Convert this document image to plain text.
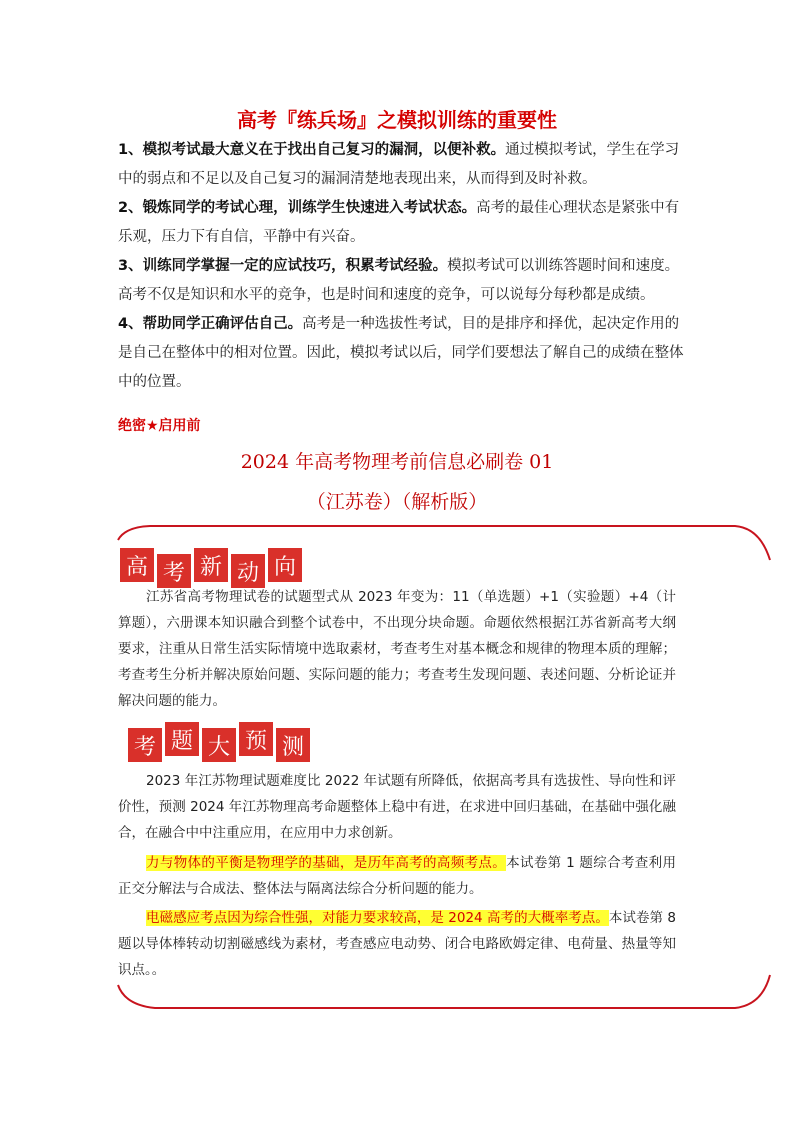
高考『练兵场』之模拟训练的重要性
1、模拟考试最大意义在于找出自己复习的漏洞，以便补救。通过模拟考试，学生在学习中的弱点和不足以及自己复习的漏洞清楚地表现出来，从而得到及时补救。
2、锻炼同学的考试心理，训练学生快速进入考试状态。高考的最佳心理状态是紧张中有乐观，压力下有自信，平静中有兴奋。
3、训练同学掌握一定的应试技巧，积累考试经验。模拟考试可以训练答题时间和速度。高考不仅是知识和水平的竞争，也是时间和速度的竞争，可以说每分每秒都是成绩。
4、帮助同学正确评估自己。高考是一种选拔性考试，目的是排序和择优，起决定作用的是自己在整体中的相对位置。因此，模拟考试以后，同学们要想法了解自己的成绩在整体中的位置。
绝密★启用前
2024 年高考物理考前信息必刷卷 01
（江苏卷）（解析版）
高 考 新 动 向
江苏省高考物理试卷的试题型式从 2023 年变为：11（单选题）+1（实验题）+4（计算题），六册课本知识融合到整个试卷中，不出现分块命题。命题依然根据江苏省新高考大纲要求，注重从日常生活实际情境中选取素材，考查考生对基本概念和规律的物理本质的理解；考查考生分析并解决原始问题、实际问题的能力；考查考生发现问题、表述问题、分析论证并解决问题的能力。
考 题 大 预 测
2023 年江苏物理试题难度比 2022 年试题有所降低，依据高考具有选拔性、导向性和评价性，预测 2024 年江苏物理高考命题整体上稳中有进，在求进中回归基础，在基础中强化融合，在融合中中注重应用，在应用中力求创新。
力与物体的平衡是物理学的基础，是历年高考的高频考点。本试卷第 1 题综合考查利用正交分解法与合成法、整体法与隔离法综合分析问题的能力。
电磁感应考点因为综合性强，对能力要求较高，是 2024 高考的大概率考点。本试卷第 8 题以导体棒转动切割磁感线为素材，考查感应电动势、闭合电路欧姆定律、电荷量、热量等知识点。。
